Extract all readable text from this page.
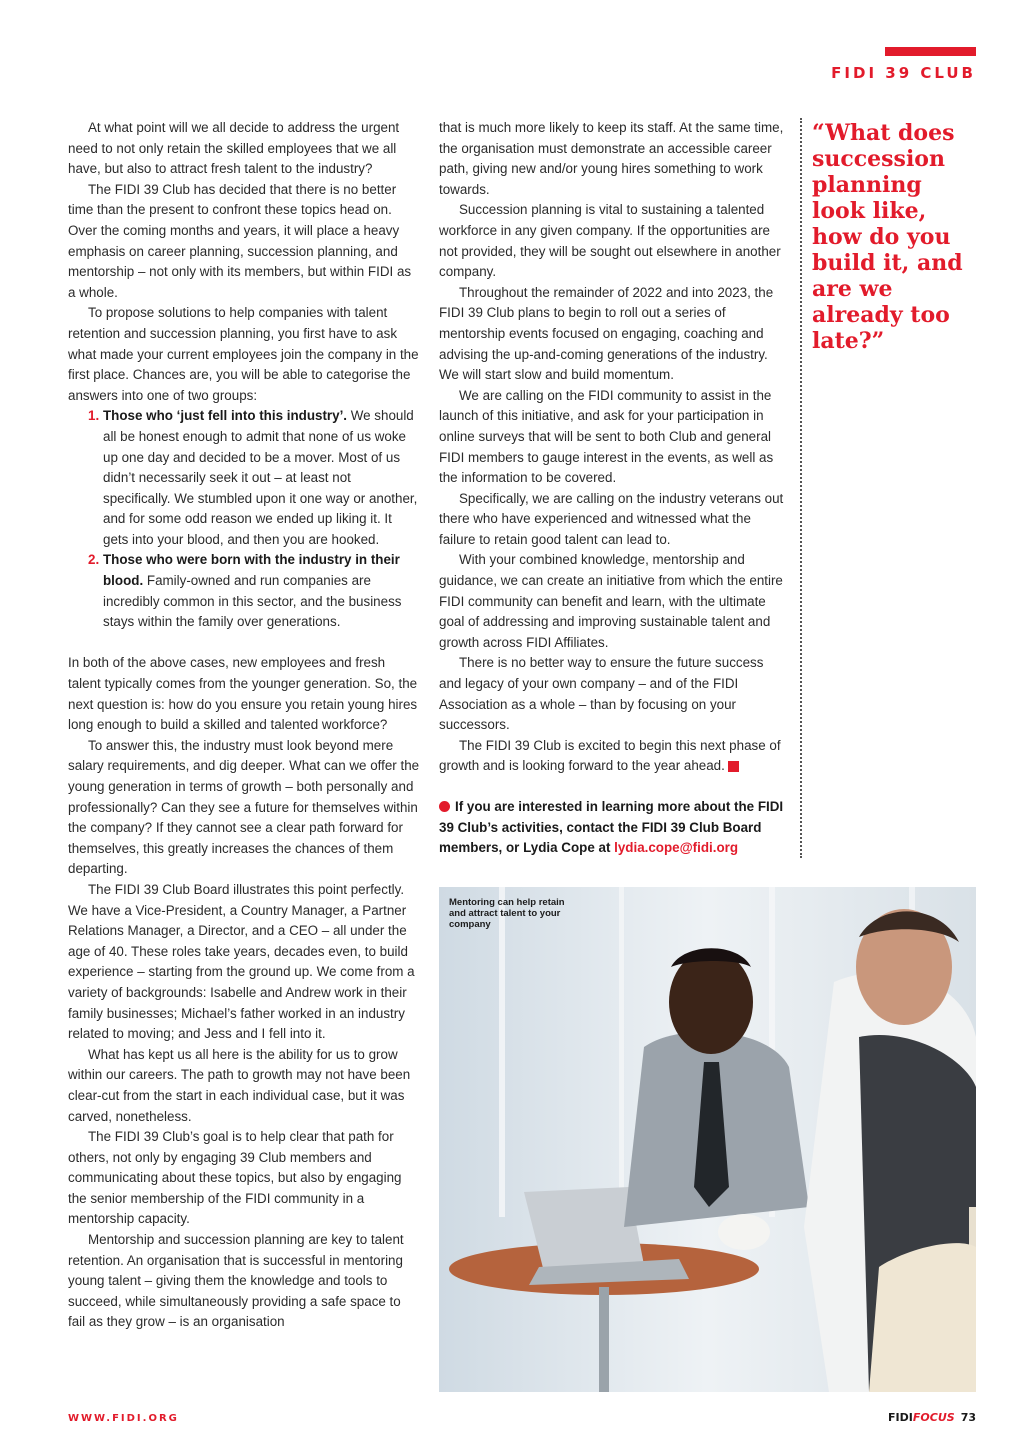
FIDI 39 CLUB

At what point will we all decide to address the urgent need to not only retain the skilled employees that we all have, but also to attract fresh talent to the industry?

The FIDI 39 Club has decided that there is no better time than the present to confront these topics head on. Over the coming months and years, it will place a heavy emphasis on career planning, succession planning, and mentorship – not only with its members, but within FIDI as a whole.

To propose solutions to help companies with talent retention and succession planning, you first have to ask what made your current employees join the company in the first place. Chances are, you will be able to categorise the answers into one of two groups:

1. Those who ‘just fell into this industry’. We should all be honest enough to admit that none of us woke up one day and decided to be a mover. Most of us didn’t necessarily seek it out – at least not specifically. We stumbled upon it one way or another, and for some odd reason we ended up liking it. It gets into your blood, and then you are hooked.
2. Those who were born with the industry in their blood. Family-owned and run companies are incredibly common in this sector, and the business stays within the family over generations.

In both of the above cases, new employees and fresh talent typically comes from the younger generation. So, the next question is: how do you ensure you retain young hires long enough to build a skilled and talented workforce?

To answer this, the industry must look beyond mere salary requirements, and dig deeper. What can we offer the young generation in terms of growth – both personally and professionally? Can they see a future for themselves within the company? If they cannot see a clear path forward for themselves, this greatly increases the chances of them departing.

The FIDI 39 Club Board illustrates this point perfectly. We have a Vice-President, a Country Manager, a Partner Relations Manager, a Director, and a CEO – all under the age of 40. These roles take years, decades even, to build experience – starting from the ground up. We come from a variety of backgrounds: Isabelle and Andrew work in their family businesses; Michael’s father worked in an industry related to moving; and Jess and I fell into it.

What has kept us all here is the ability for us to grow within our careers. The path to growth may not have been clear-cut from the start in each individual case, but it was carved, nonetheless.

The FIDI 39 Club’s goal is to help clear that path for others, not only by engaging 39 Club members and communicating about these topics, but also by engaging the senior membership of the FIDI community in a mentorship capacity.

Mentorship and succession planning are key to talent retention. An organisation that is successful in mentoring young talent – giving them the knowledge and tools to succeed, while simultaneously providing a safe space to fail as they grow – is an organisation

that is much more likely to keep its staff. At the same time, the organisation must demonstrate an accessible career path, giving new and/or young hires something to work towards.

Succession planning is vital to sustaining a talented workforce in any given company. If the opportunities are not provided, they will be sought out elsewhere in another company.

Throughout the remainder of 2022 and into 2023, the FIDI 39 Club plans to begin to roll out a series of mentorship events focused on engaging, coaching and advising the up-and-coming generations of the industry. We will start slow and build momentum.

We are calling on the FIDI community to assist in the launch of this initiative, and ask for your participation in online surveys that will be sent to both Club and general FIDI members to gauge interest in the events, as well as the information to be covered.

Specifically, we are calling on the industry veterans out there who have experienced and witnessed what the failure to retain good talent can lead to.

With your combined knowledge, mentorship and guidance, we can create an initiative from which the entire FIDI community can benefit and learn, with the ultimate goal of addressing and improving sustainable talent and growth across FIDI Affiliates.

There is no better way to ensure the future success and legacy of your own company – and of the FIDI Association as a whole – than by focusing on your successors.

The FIDI 39 Club is excited to begin this next phase of growth and is looking forward to the year ahead.	FF

If you are interested in learning more about the FIDI 39 Club’s activities, contact the FIDI 39 Club Board members, or Lydia Cope at lydia.cope@fidi.org
“What does succession planning look like, how do you build it, and are we already too late?”
Mentoring can help retain and attract talent to your company
WWW.FIDI.ORG	FIDIFOCUS 73
